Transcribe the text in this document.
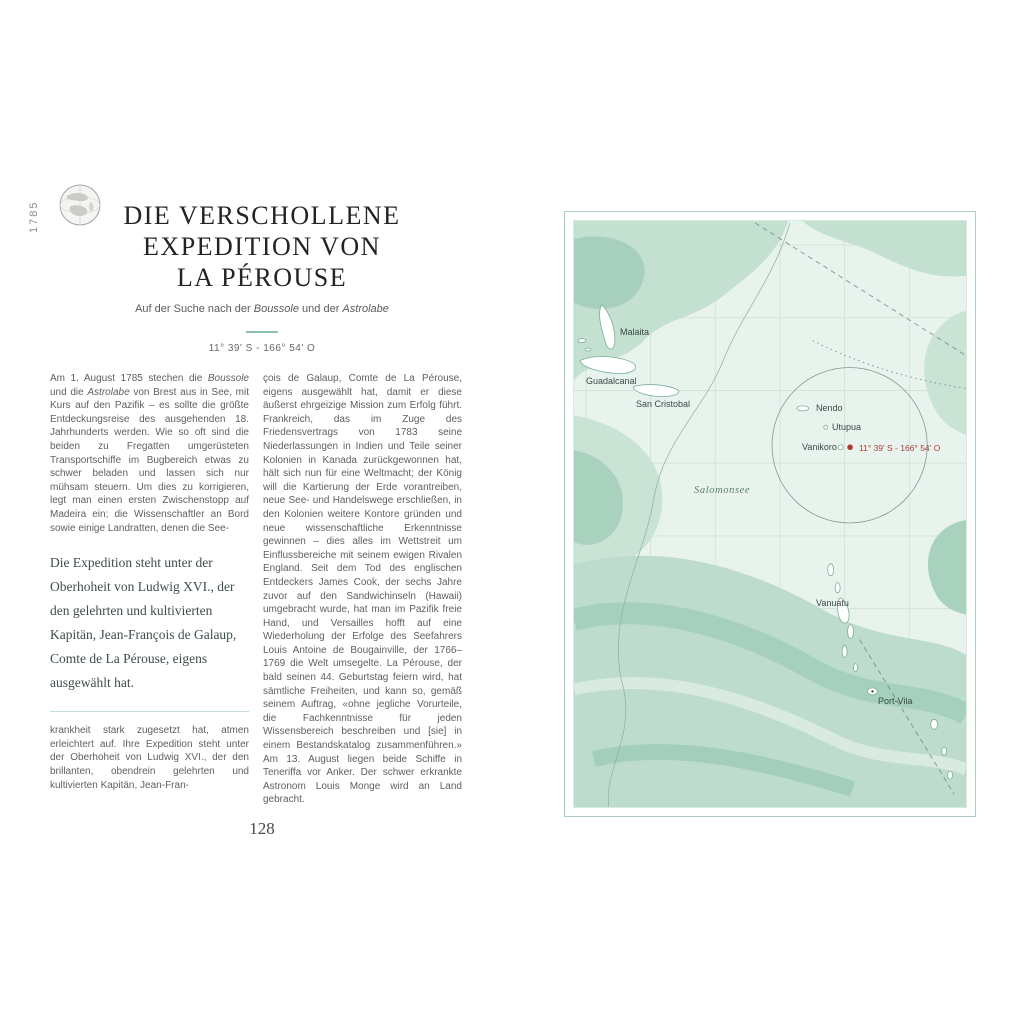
1785	DIE VERSCHOLLENE
EXPEDITION VON
LA PÉROUSE
Auf der Suche nach der Boussole und der Astrolabe
11° 39' S - 166° 54' O
Am 1. August 1785 stechen die Boussole und die Astrolabe von Brest aus in See, mit Kurs auf den Pazifik – es sollte die größte Entdeckungsreise des ausgehenden 18. Jahrhunderts werden. Wie so oft sind die beiden zu Fregatten umgerüsteten Transportschiffe im Bugbereich etwas zu schwer beladen und lassen sich nur mühsam steuern. Um dies zu korrigieren, legt man einen ersten Zwischenstopp auf Madeira ein; die Wissenschaftler an Bord sowie einige Landratten, denen die See-
Die Expedition steht unter der Oberhoheit von Ludwig XVI., der den gelehrten und kultivierten Kapitän, Jean-François de Galaup, Comte de La Pérouse, eigens ausgewählt hat.
krankheit stark zugesetzt hat, atmen erleichtert auf. Ihre Expedition steht unter der Oberhoheit von Ludwig XVI., der den brillanten, obendrein gelehrten und kultivierten Kapitän, Jean-Fran-
çois de Galaup, Comte de La Pérouse, eigens ausgewählt hat, damit er diese äußerst ehrgeizige Mission zum Erfolg führt. Frankreich, das im Zuge des Friedensvertrags von 1783 seine Niederlassungen in Indien und Teile seiner Kolonien in Kanada zurückgewonnen hat, hält sich nun für eine Weltmacht; der König will die Kartierung der Erde vorantreiben, neue See- und Handelswege erschließen, in den Kolonien weitere Kontore gründen und neue wissenschaftliche Erkenntnisse gewinnen – dies alles im Wettstreit um Einflussbereiche mit seinem ewigen Rivalen England. Seit dem Tod des englischen Entdeckers James Cook, der sechs Jahre zuvor auf den Sandwichinseln (Hawaii) umgebracht wurde, hat man im Pazifik freie Hand, und Versailles hofft auf eine Wiederholung der Erfolge des Seefahrers Louis Antoine de Bougainville, der 1766–1769 die Welt umsegelte. La Pérouse, der bald seinen 44. Geburtstag feiern wird, hat sämtliche Freiheiten, und kann so, gemäß seinem Auftrag, «ohne jegliche Vorurteile, die Fachkenntnisse für jeden Wissensbereich beschreiben und [sie] in einem Bestandskatalog zusammenführen.» Am 13. August liegen beide Schiffe in Teneriffa vor Anker. Der schwer erkrankte Astronom Louis Monge wird an Land gebracht.
128
Malaita
Guadalcanal
San Cristobal	Nendo
Utupua
Vanikoro	11° 39' S - 166° 54' O
Salomonsee
Vanuatu
Port-Vila
